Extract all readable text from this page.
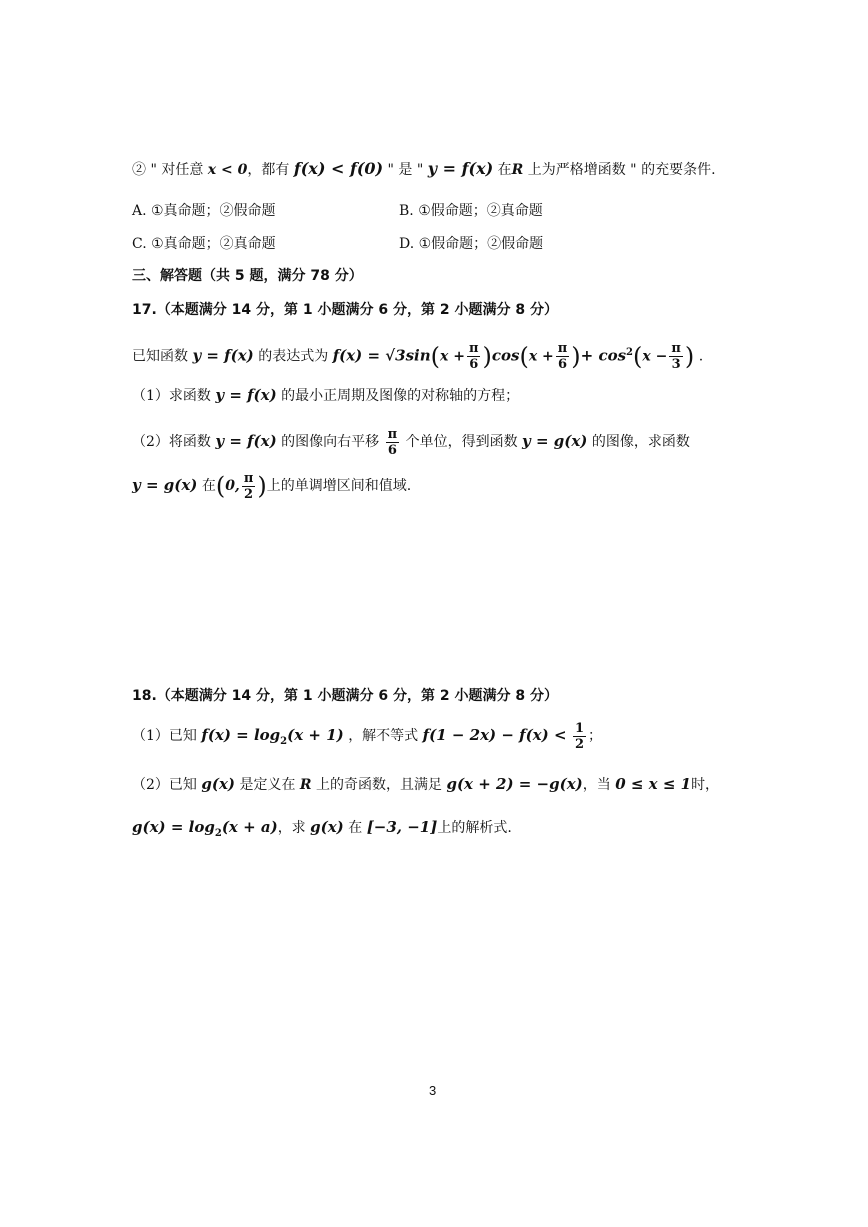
② " 对任意 x < 0，都有 f(x) < f(0) " 是 " y = f(x) 在R 上为严格增函数 " 的充要条件.
A. ①真命题；②假命题	B. ①假命题；②真命题
C. ①真命题；②真命题	D. ①假命题；②假命题
三、解答题（共 5 题，满分 78 分）
17.（本题满分 14 分，第 1 小题满分 6 分，第 2 小题满分 8 分）
已知函数 y = f(x) 的表达式为 $f(x) = √3\sin(x + \frac{\pi}{6} )\cos(x + \frac{\pi}{6}$ )+ $\cos^2(x - \frac{\pi}{3}$ ) .
（1）求函数 y = f(x) 的最小正周期及图像的对称轴的方程；
（2）将函数 y = f(x) 的图像向右平移 $\frac{\pi}{6}$ 个单位，得到函数 y = g(x) 的图像，求函数
y = g(x) 在(0, $\frac{\pi}{2}$ )上的单调增区间和值域.
18.（本题满分 14 分，第 1 小题满分 6 分，第 2 小题满分 8 分）
（1）已知 $f(x) = \log_2(x + 1)$ ，解不等式 $f(1 - 2x) - f(x) < \frac{1}{2}$ ；
（2）已知 g(x) 是定义在 R 上的奇函数，且满足 g(x + 2) = −g(x)，当 0 ≤ x ≤ 1时，
$g(x) = \log_2(x + a)$，求 g(x) 在 [−3, −1]上的解析式.
3
